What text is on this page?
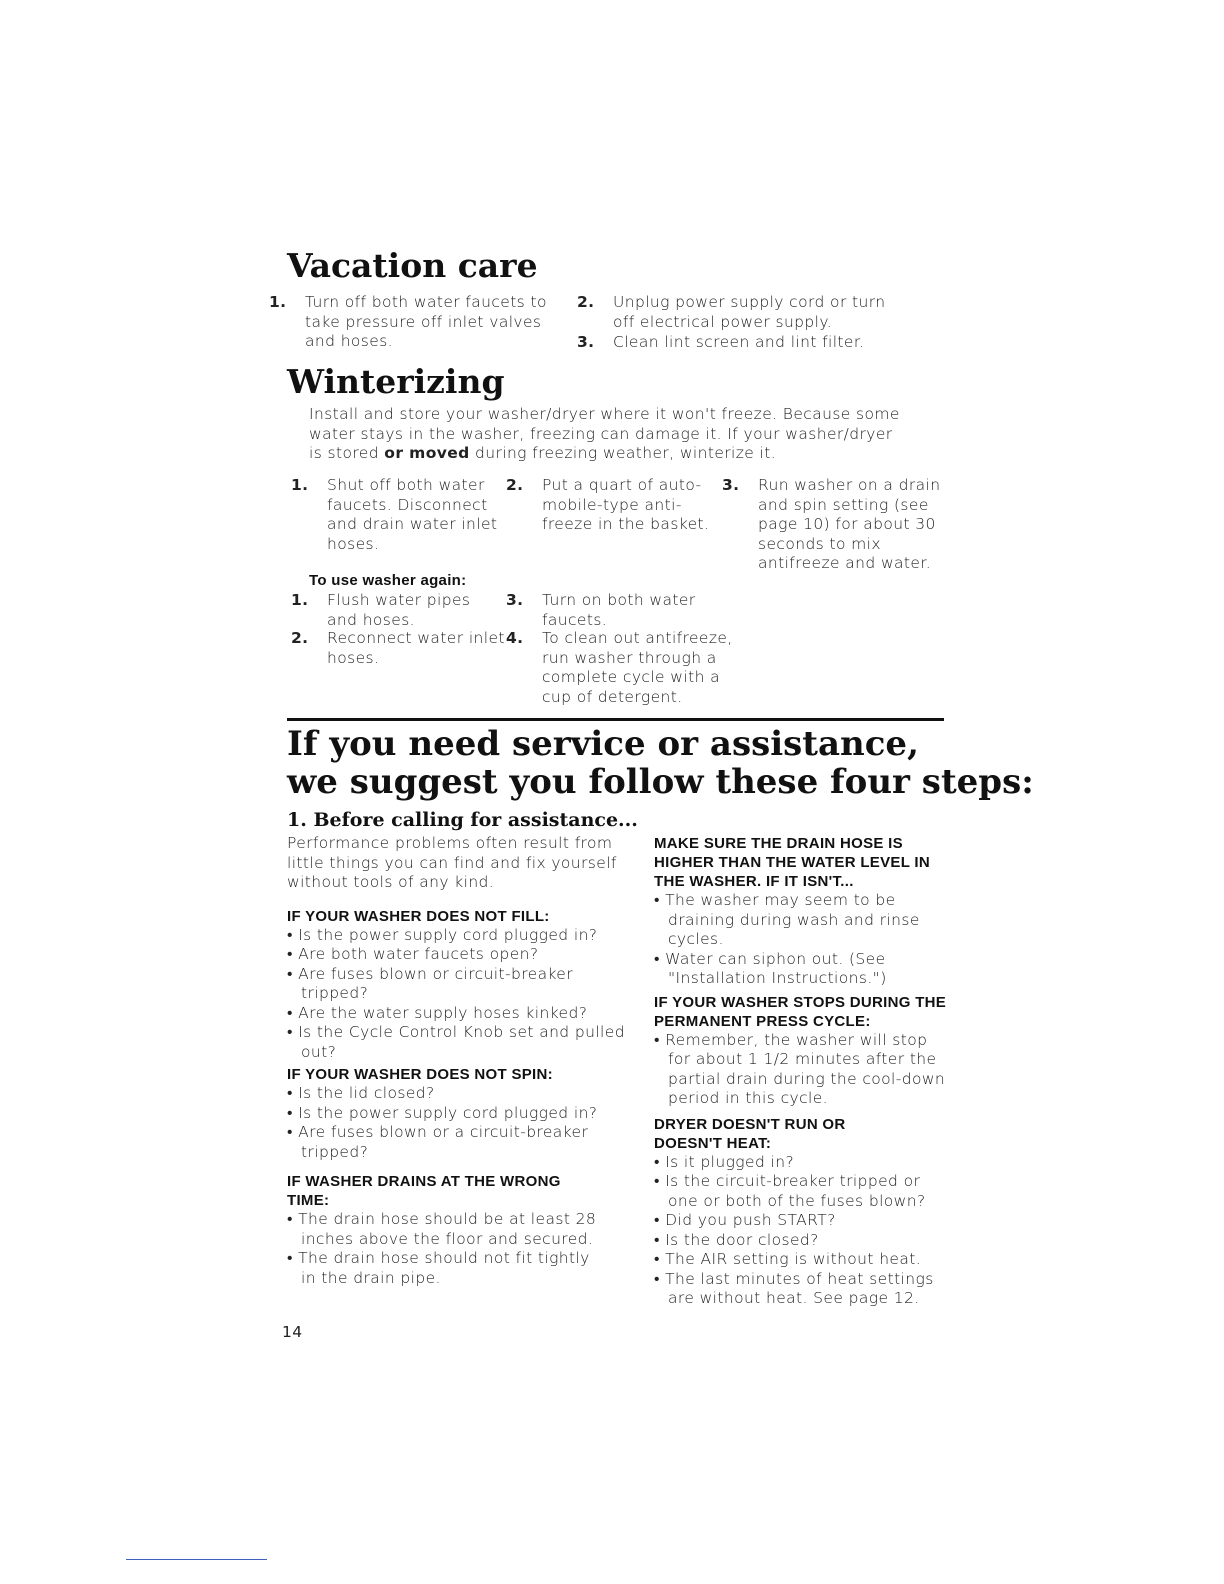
Vacation care

1. Turn off both water faucets to take pressure off inlet valves and hoses.

2. Unplug power supply cord or turn off electrical power supply.

3. Clean lint screen and lint filter.

Winterizing
Install and store your washer/dryer where it won't freeze. Because some water stays in the washer, freezing can damage it. If your washer/dryer is stored or moved during freezing weather, winterize it.

1. Shut off both water faucets. Disconnect and drain water inlet hoses.

2. Put a quart of auto-mobile-type anti-freeze in the basket.

3. Run washer on a drain and spin setting (see page 10) for about 30 seconds to mix antifreeze and water.

To use washer again:

1. Flush water pipes and hoses.

2. Reconnect water inlet hoses.

3. Turn on both water faucets.

4. To clean out antifreeze, run washer through a complete cycle with a cup of detergent.

If you need service or assistance,
we suggest you follow these four steps:
1. Before calling for assistance...

Performance problems often result from little things you can find and fix yourself without tools of any kind.

IF YOUR WASHER DOES NOT FILL:

• Is the power supply cord plugged in?
• Are both water faucets open?
• Are fuses blown or circuit-breaker tripped?
• Are the water supply hoses kinked?
• Is the Cycle Control Knob set and pulled out?

IF YOUR WASHER DOES NOT SPIN:

• Is the lid closed?
• Is the power supply cord plugged in?
• Are fuses blown or a circuit-breaker tripped?

IF WASHER DRAINS AT THE WRONG TIME:

• The drain hose should be at least 28 inches above the floor and secured.
• The drain hose should not fit tightly in the drain pipe.

MAKE SURE THE DRAIN HOSE IS HIGHER THAN THE WATER LEVEL IN THE WASHER. IF IT ISN'T...

• The washer may seem to be draining during wash and rinse cycles.
• Water can siphon out. (See "Installation Instructions.")

IF YOUR WASHER STOPS DURING THE PERMANENT PRESS CYCLE:

• Remember, the washer will stop for about 1 1/2 minutes after the partial drain during the cool-down period in this cycle.

DRYER DOESN'T RUN OR DOESN'T HEAT:

• Is it plugged in?
• Is the circuit-breaker tripped or one or both of the fuses blown?
• Did you push START?
• Is the door closed?
• The AIR setting is without heat.
• The last minutes of heat settings are without heat. See page 12.
14
